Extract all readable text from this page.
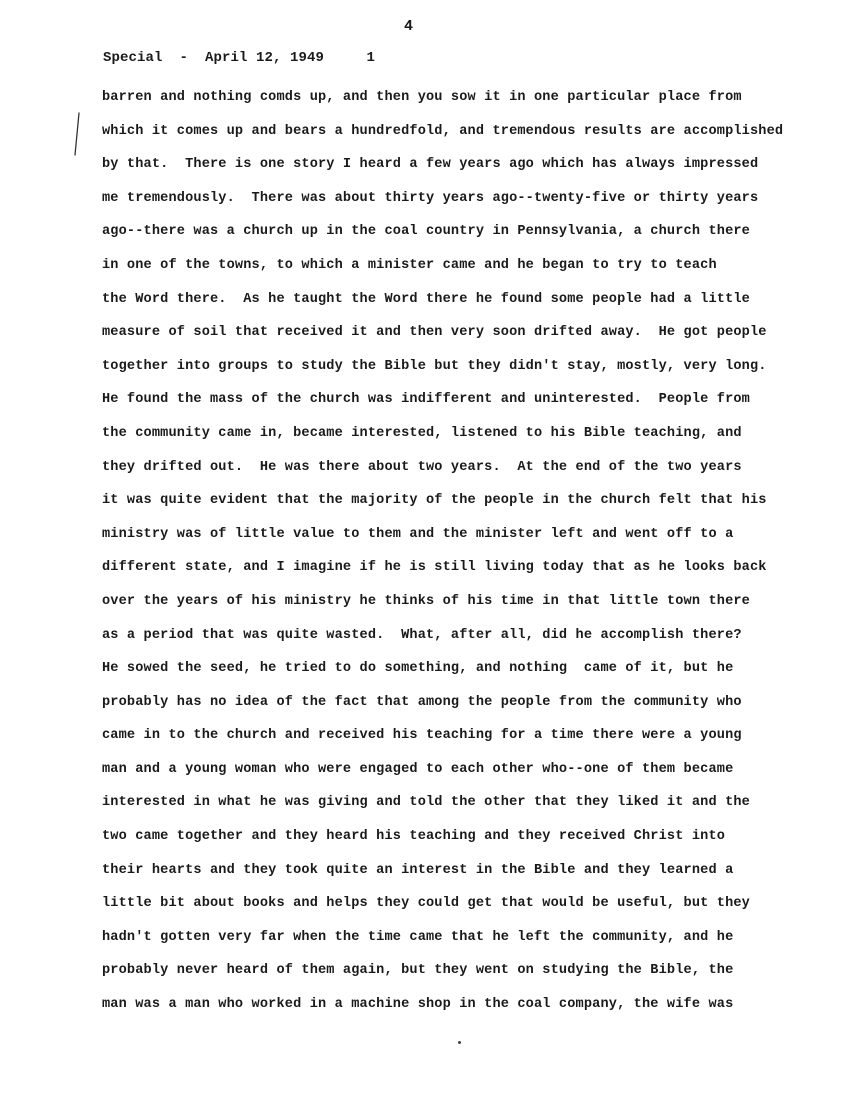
4
Special  -  April 12, 1949     1
barren and nothing comds up, and then you sow it in one particular place from
which it comes up and bears a hundredfold, and tremendous results are accomplished
by that.  There is one story I heard a few years ago which has always impressed
me tremendously.  There was about thirty years ago--twenty-five or thirty years
ago--there was a church up in the coal country in Pennsylvania, a church there
in one of the towns, to which a minister came and he began to try to teach
the Word there.  As he taught the Word there he found some people had a little
measure of soil that received it and then very soon drifted away.  He got people
together into groups to study the Bible but they didn't stay, mostly, very long.
He found the mass of the church was indifferent and uninterested.  People from
the community came in, became interested, listened to his Bible teaching, and
they drifted out.  He was there about two years.  At the end of the two years
it was quite evident that the majority of the people in the church felt that his
ministry was of little value to them and the minister left and went off to a
different state, and I imagine if he is still living today that as he looks back
over the years of his ministry he thinks of his time in that little town there
as a period that was quite wasted.  What, after all, did he accomplish there?
He sowed the seed, he tried to do something, and nothing  came of it, but he
probably has no idea of the fact that among the people from the community who
came in to the church and received his teaching for a time there were a young
man and a young woman who were engaged to each other who--one of them became
interested in what he was giving and told the other that they liked it and the
two came together and they heard his teaching and they received Christ into
their hearts and they took quite an interest in the Bible and they learned a
little bit about books and helps they could get that would be useful, but they
hadn't gotten very far when the time came that he left the community, and he
probably never heard of them again, but they went on studying the Bible, the
man was a man who worked in a machine shop in the coal company, the wife was
